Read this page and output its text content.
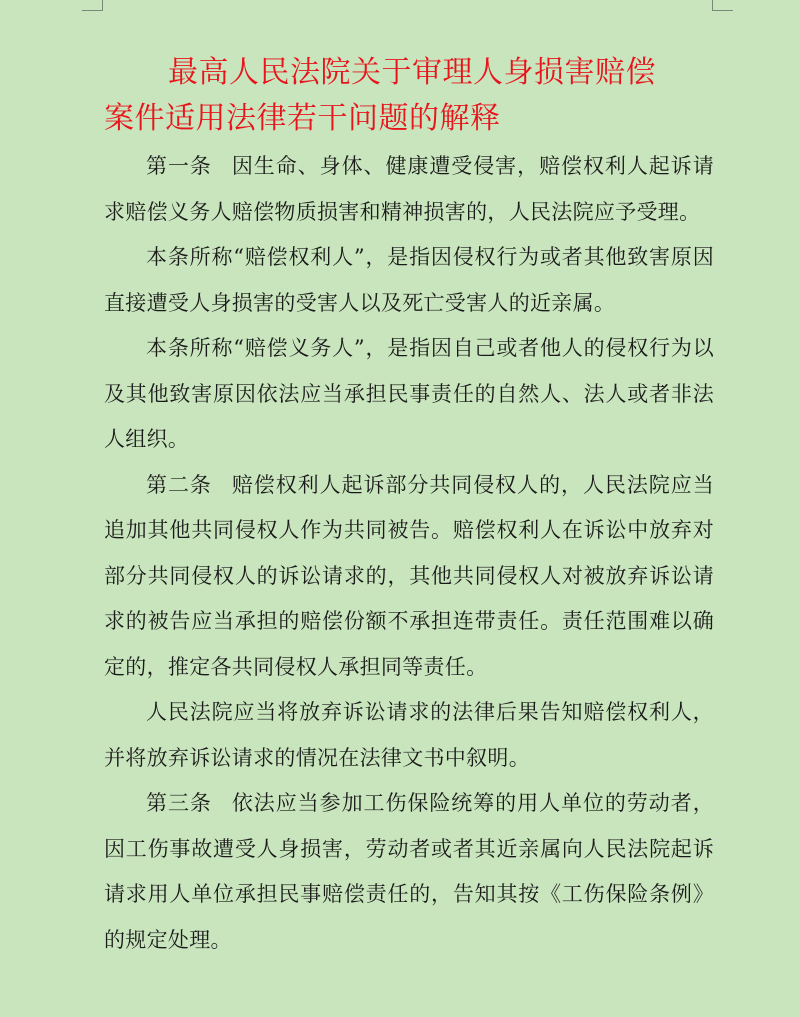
最高人民法院关于审理人身损害赔偿
案件适用法律若干问题的解释

第一条 因生命、身体、健康遭受侵害，赔偿权利人起诉请求赔偿义务人赔偿物质损害和精神损害的，人民法院应予受理。

本条所称“赔偿权利人”，是指因侵权行为或者其他致害原因直接遭受人身损害的受害人以及死亡受害人的近亲属。

本条所称“赔偿义务人”，是指因自己或者他人的侵权行为以及其他致害原因依法应当承担民事责任的自然人、法人或者非法人组织。

第二条 赔偿权利人起诉部分共同侵权人的，人民法院应当追加其他共同侵权人作为共同被告。赔偿权利人在诉讼中放弃对部分共同侵权人的诉讼请求的，其他共同侵权人对被放弃诉讼请求的被告应当承担的赔偿份额不承担连带责任。责任范围难以确定的，推定各共同侵权人承担同等责任。

人民法院应当将放弃诉讼请求的法律后果告知赔偿权利人，并将放弃诉讼请求的情况在法律文书中叙明。

第三条 依法应当参加工伤保险统筹的用人单位的劳动者，因工伤事故遭受人身损害，劳动者或者其近亲属向人民法院起诉请求用人单位承担民事赔偿责任的，告知其按《工伤保险条例》的规定处理。
